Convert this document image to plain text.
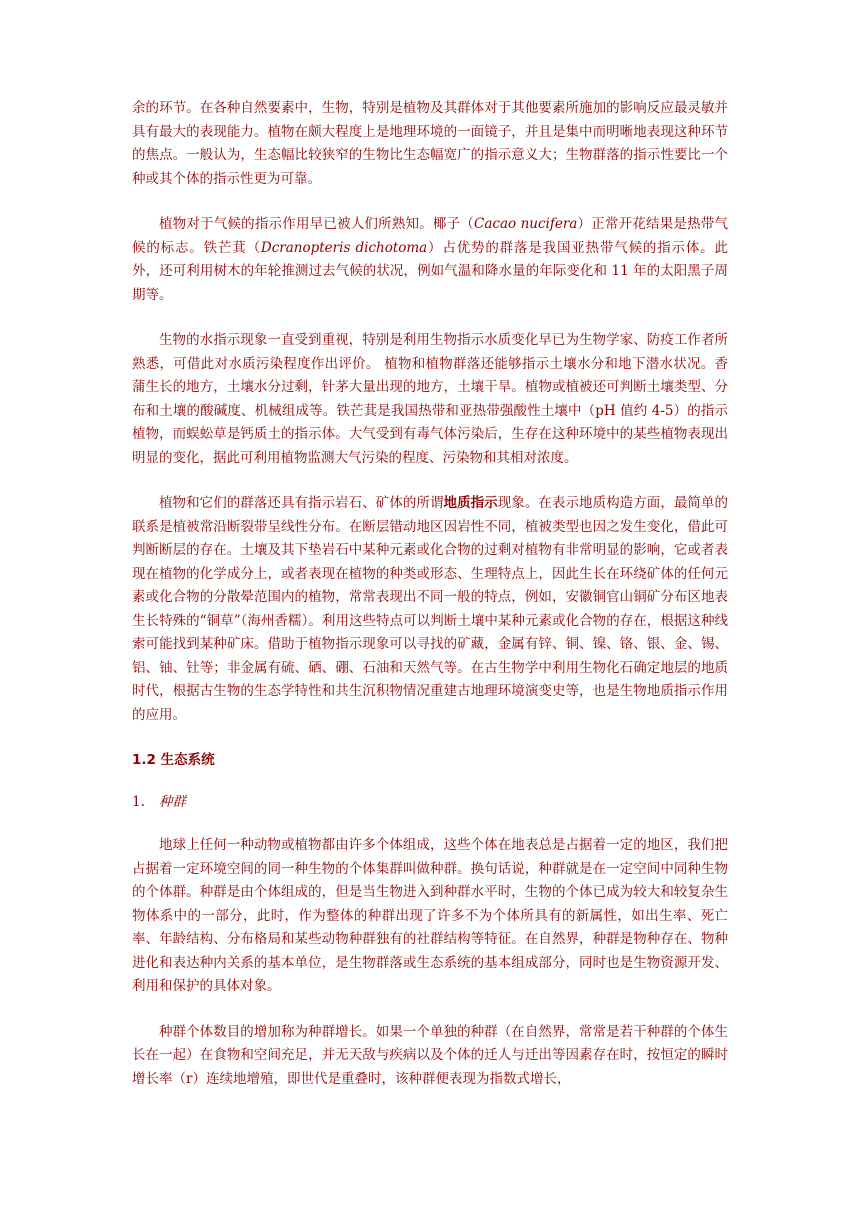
余的环节。在各种自然要素中，生物，特别是植物及其群体对于其他要素所施加的影响反应最灵敏并具有最大的表现能力。植物在颇大程度上是地理环境的一面镜子，并且是集中而明晰地表现这种环节的焦点。一般认为，生态幅比较狭窄的生物比生态幅宽广的指示意义大；生物群落的指示性要比一个种或其个体的指示性更为可靠。

植物对于气候的指示作用早已被人们所熟知。椰子（Cacao nucifera）正常开花结果是热带气候的标志。铁芒萁（Dcranopteris dichotoma）占优势的群落是我国亚热带气候的指示体。此外，还可利用树木的年轮推测过去气候的状况，例如气温和降水量的年际变化和 11 年的太阳黑子周期等。

生物的水指示现象一直受到重视，特别是利用生物指示水质变化早已为生物学家、防疫工作者所熟悉，可借此对水质污染程度作出评价。 植物和植物群落还能够指示土壤水分和地下潜水状况。香蒲生长的地方，土壤水分过剩，针茅大量出现的地方，土壤干旱。植物或植被还可判断土壤类型、分布和土壤的酸碱度、机械组成等。铁芒萁是我国热带和亚热带强酸性土壤中（pH 值约 4-5）的指示植物，而蜈蚣草是钙质土的指示体。大气受到有毒气体污染后，生存在这种环境中的某些植物表现出明显的变化，据此可利用植物监测大气污染的程度、污染物和其相对浓度。

植物和它们的群落还具有指示岩石、矿体的所谓地质指示现象。在表示地质构造方面，最简单的联系是植被常沿断裂带呈线性分布。在断层错动地区因岩性不同，植被类型也因之发生变化，借此可判断断层的存在。土壤及其下垫岩石中某种元素或化合物的过剩对植物有非常明显的影响，它或者表现在植物的化学成分上，或者表现在植物的种类或形态、生理特点上，因此生长在环绕矿体的任何元素或化合物的分散晕范围内的植物，常常表现出不同一般的特点，例如，安徽铜官山铜矿分布区地表生长特殊的“铜草”（海州香糯）。利用这些特点可以判断土壤中某种元素或化合物的存在，根据这种线索可能找到某种矿床。借助于植物指示现象可以寻找的矿藏，金属有锌、铜、镍、铬、银、金、锡、铝、铀、钍等；非金属有硫、硒、硼、石油和天然气等。在古生物学中利用生物化石确定地层的地质时代，根据古生物的生态学特性和共生沉积物情况重建古地理环境演变史等，也是生物地质指示作用的应用。

1.2 生态系统
1. 种群

地球上任何一种动物或植物都由许多个体组成，这些个体在地表总是占据着一定的地区，我们把占据着一定环境空间的同一种生物的个体集群叫做种群。换句话说，种群就是在一定空间中同种生物的个体群。种群是由个体组成的，但是当生物进入到种群水平时，生物的个体已成为较大和较复杂生物体系中的一部分，此时，作为整体的种群出现了许多不为个体所具有的新属性，如出生率、死亡率、年龄结构、分布格局和某些动物种群独有的社群结构等特征。在自然界，种群是物种存在、物种进化和表达种内关系的基本单位，是生物群落或生态系统的基本组成部分，同时也是生物资源开发、利用和保护的具体对象。

种群个体数目的增加称为种群增长。如果一个单独的种群（在自然界，常常是若干种群的个体生长在一起）在食物和空间充足，并无天敌与疾病以及个体的迁人与迁出等因素存在时，按恒定的瞬时增长率（r）连续地增殖，即世代是重叠时，该种群便表现为指数式增长，
